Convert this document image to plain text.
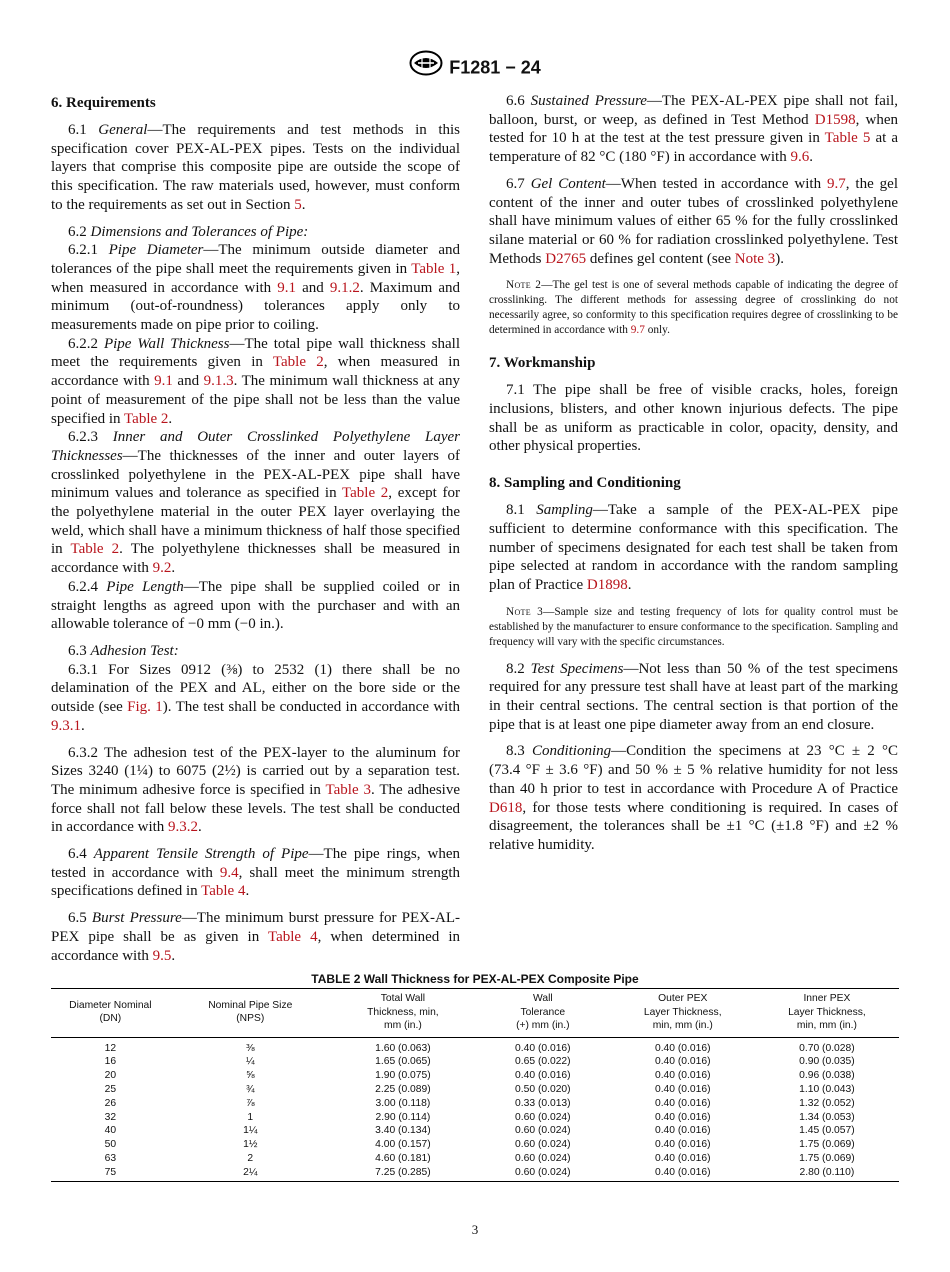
F1281 − 24
6. Requirements

6.1 General—The requirements and test methods in this specification cover PEX-AL-PEX pipes. Tests on the individual layers that comprise this composite pipe are outside the scope of this specification. The raw materials used, however, must conform to the requirements as set out in Section 5.

6.2 Dimensions and Tolerances of Pipe:

6.2.1 Pipe Diameter—The minimum outside diameter and tolerances of the pipe shall meet the requirements given in Table 1, when measured in accordance with 9.1 and 9.1.2. Maximum and minimum (out-of-roundness) tolerances apply only to measurements made on pipe prior to coiling.

6.2.2 Pipe Wall Thickness—The total pipe wall thickness shall meet the requirements given in Table 2, when measured in accordance with 9.1 and 9.1.3. The minimum wall thickness at any point of measurement of the pipe shall not be less than the value specified in Table 2.

6.2.3 Inner and Outer Crosslinked Polyethylene Layer Thicknesses—The thicknesses of the inner and outer layers of crosslinked polyethylene in the PEX-AL-PEX pipe shall have minimum values and tolerance as specified in Table 2, except for the polyethylene material in the outer PEX layer overlaying the weld, which shall have a minimum thickness of half those specified in Table 2. The polyethylene thicknesses shall be measured in accordance with 9.2.

6.2.4 Pipe Length—The pipe shall be supplied coiled or in straight lengths as agreed upon with the purchaser and with an allowable tolerance of −0 mm (−0 in.).

6.3 Adhesion Test:

6.3.1 For Sizes 0912 (⅜) to 2532 (1) there shall be no delamination of the PEX and AL, either on the bore side or the outside (see Fig. 1). The test shall be conducted in accordance with 9.3.1.

6.3.2 The adhesion test of the PEX-layer to the aluminum for Sizes 3240 (1¼) to 6075 (2½) is carried out by a separation test. The minimum adhesive force is specified in Table 3. The adhesive force shall not fall below these levels. The test shall be conducted in accordance with 9.3.2.

6.4 Apparent Tensile Strength of Pipe—The pipe rings, when tested in accordance with 9.4, shall meet the minimum strength specifications defined in Table 4.

6.5 Burst Pressure—The minimum burst pressure for PEX-AL-PEX pipe shall be as given in Table 4, when determined in accordance with 9.5.

6.6 Sustained Pressure—The PEX-AL-PEX pipe shall not fail, balloon, burst, or weep, as defined in Test Method D1598, when tested for 10 h at the test at the test pressure given in Table 5 at a temperature of 82 °C (180 °F) in accordance with 9.6.

6.7 Gel Content—When tested in accordance with 9.7, the gel content of the inner and outer tubes of crosslinked polyethylene shall have minimum values of either 65 % for the fully crosslinked silane material or 60 % for radiation crosslinked polyethylene. Test Methods D2765 defines gel content (see Note 3).

Note 2—The gel test is one of several methods capable of indicating the degree of crosslinking. The different methods for assessing degree of crosslinking do not necessarily agree, so conformity to this specification requires degree of crosslinking to be determined in accordance with 9.7 only.
7. Workmanship

7.1 The pipe shall be free of visible cracks, holes, foreign inclusions, blisters, and other known injurious defects. The pipe shall be as uniform as practicable in color, opacity, density, and other physical properties.

8. Sampling and Conditioning

8.1 Sampling—Take a sample of the PEX-AL-PEX pipe sufficient to determine conformance with this specification. The number of specimens designated for each test shall be taken from pipe selected at random in accordance with the random sampling plan of Practice D1898.

Note 3—Sample size and testing frequency of lots for quality control must be established by the manufacturer to ensure conformance to the specification. Sampling and frequency will vary with the specific circumstances.

8.2 Test Specimens—Not less than 50 % of the test specimens required for any pressure test shall have at least part of the marking in their central sections. The central section is that portion of the pipe that is at least one pipe diameter away from an end closure.

8.3 Conditioning—Condition the specimens at 23 °C ± 2 °C (73.4 °F ± 3.6 °F) and 50 % ± 5 % relative humidity for not less than 40 h prior to test in accordance with Procedure A of Practice D618, for those tests where conditioning is required. In cases of disagreement, the tolerances shall be ±1 °C (±1.8 °F) and ±2 % relative humidity.

TABLE 2 Wall Thickness for PEX-AL-PEX Composite Pipe
Diameter Nominal
(DN)	Nominal Pipe Size
(NPS)	Total Wall
Thickness, min,
mm (in.)	Wall
Tolerance
(+) mm (in.)	Outer PEX
Layer Thickness,
min, mm (in.)	Inner PEX
Layer Thickness,
min, mm (in.)
12	⅜	1.60 (0.063)	0.40 (0.016)	0.40 (0.016)	0.70 (0.028)
16	¼	1.65 (0.065)	0.65 (0.022)	0.40 (0.016)	0.90 (0.035)
20	⅝	1.90 (0.075)	0.40 (0.016)	0.40 (0.016)	0.96 (0.038)
25	¾	2.25 (0.089)	0.50 (0.020)	0.40 (0.016)	1.10 (0.043)
26	⅞	3.00 (0.118)	0.33 (0.013)	0.40 (0.016)	1.32 (0.052)
32	1	2.90 (0.114)	0.60 (0.024)	0.40 (0.016)	1.34 (0.053)
40	1¼	3.40 (0.134)	0.60 (0.024)	0.40 (0.016)	1.45 (0.057)
50	1½	4.00 (0.157)	0.60 (0.024)	0.40 (0.016)	1.75 (0.069)
63	2	4.60 (0.181)	0.60 (0.024)	0.40 (0.016)	1.75 (0.069)
75	2¼	7.25 (0.285)	0.60 (0.024)	0.40 (0.016)	2.80 (0.110)
3
